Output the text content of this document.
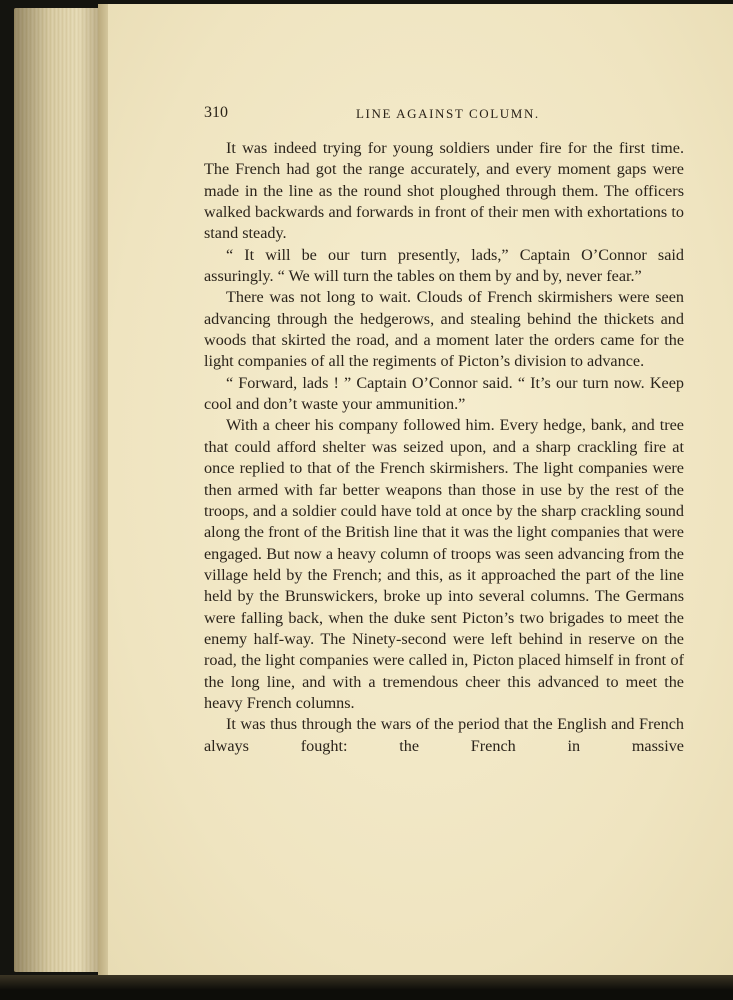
310	LINE AGAINST COLUMN.

It was indeed trying for young soldiers under fire for the first time. The French had got the range accurately, and every moment gaps were made in the line as the round shot ploughed through them. The officers walked backwards and forwards in front of their men with exhortations to stand steady.

“ It will be our turn presently, lads,” Captain O’Connor said assuringly. “ We will turn the tables on them by and by, never fear.”

There was not long to wait. Clouds of French skirmishers were seen advancing through the hedgerows, and stealing behind the thickets and woods that skirted the road, and a moment later the orders came for the light companies of all the regiments of Picton’s division to advance.

“ Forward, lads ! ” Captain O’Connor said. “ It’s our turn now. Keep cool and don’t waste your ammunition.”

With a cheer his company followed him. Every hedge, bank, and tree that could afford shelter was seized upon, and a sharp crackling fire at once replied to that of the French skirmishers. The light companies were then armed with far better weapons than those in use by the rest of the troops, and a soldier could have told at once by the sharp crackling sound along the front of the British line that it was the light companies that were engaged. But now a heavy column of troops was seen advancing from the village held by the French; and this, as it approached the part of the line held by the Brunswickers, broke up into several columns. The Germans were falling back, when the duke sent Picton’s two brigades to meet the enemy half-way. The Ninety-second were left behind in reserve on the road, the light companies were called in, Picton placed himself in front of the long line, and with a tremendous cheer this advanced to meet the heavy French columns.

It was thus through the wars of the period that the English and French always fought: the French in massive
